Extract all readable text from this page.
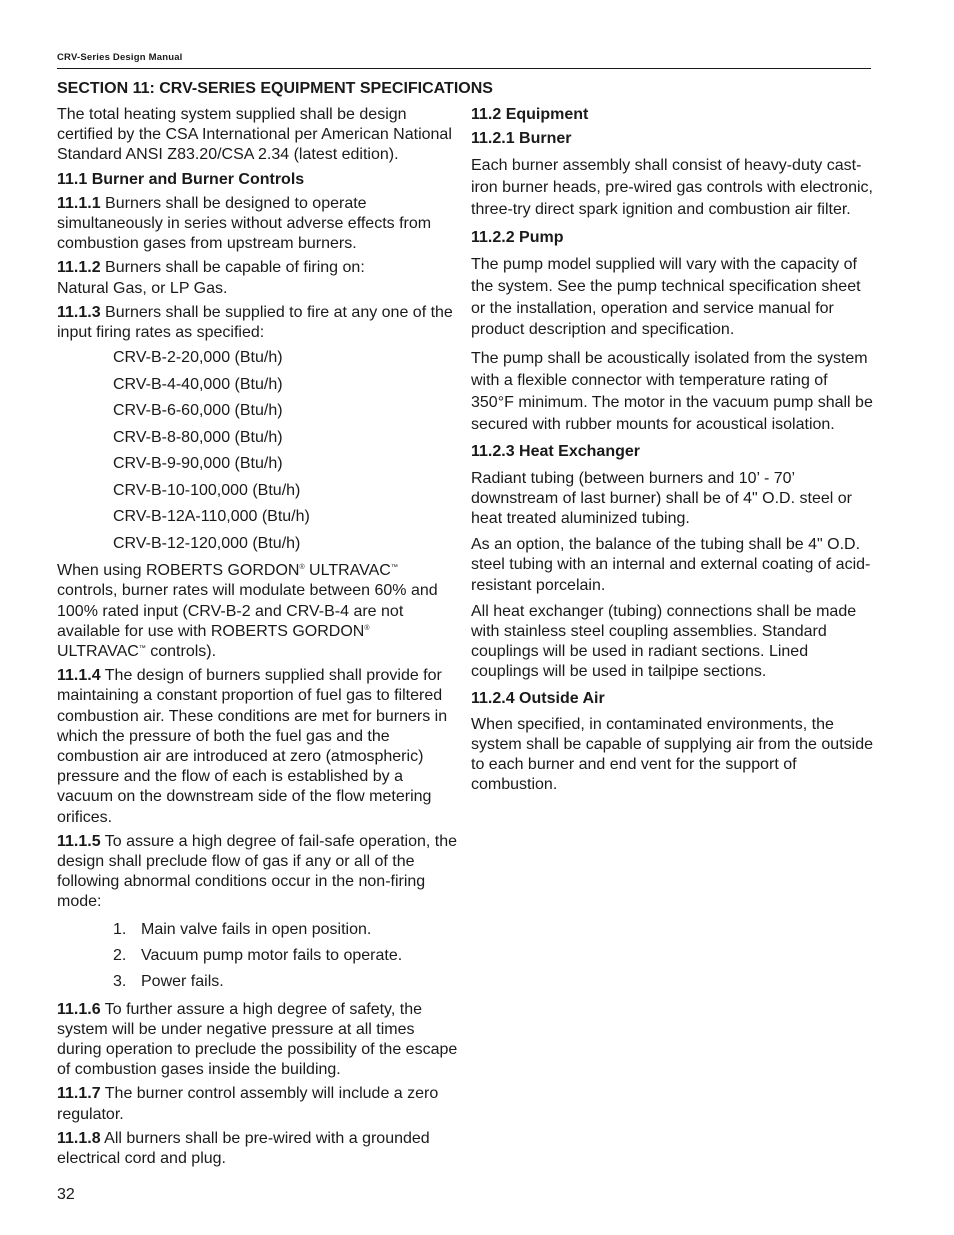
CRV-Series Design Manual
SECTION 11: CRV-SERIES EQUIPMENT SPECIFICATIONS

The total heating system supplied shall be design certified by the CSA International per American National Standard ANSI Z83.20/CSA 2.34 (latest edition).

11.1 Burner and Burner Controls

11.1.1 Burners shall be designed to operate simultaneously in series without adverse effects from combustion gases from upstream burners.

11.1.2 Burners shall be capable of firing on:
Natural Gas, or LP Gas.

11.1.3 Burners shall be supplied to fire at any one of the input firing rates as specified:

CRV-B-2-20,000 (Btu/h)
CRV-B-4-40,000 (Btu/h)
CRV-B-6-60,000 (Btu/h)
CRV-B-8-80,000 (Btu/h)
CRV-B-9-90,000 (Btu/h)
CRV-B-10-100,000 (Btu/h)
CRV-B-12A-110,000 (Btu/h)
CRV-B-12-120,000 (Btu/h)

When using ROBERTS GORDON® ULTRAVAC™ controls, burner rates will modulate between 60% and 100% rated input (CRV-B-2 and CRV-B-4 are not available for use with ROBERTS GORDON® ULTRAVAC™ controls).

11.1.4 The design of burners supplied shall provide for maintaining a constant proportion of fuel gas to filtered combustion air. These conditions are met for burners in which the pressure of both the fuel gas and the combustion air are introduced at zero (atmospheric) pressure and the flow of each is established by a vacuum on the downstream side of the flow metering orifices.

11.1.5 To assure a high degree of fail-safe operation, the design shall preclude flow of gas if any or all of the following abnormal conditions occur in the non-firing mode:

1. Main valve fails in open position.
2. Vacuum pump motor fails to operate.
3. Power fails.

11.1.6 To further assure a high degree of safety, the system will be under negative pressure at all times during operation to preclude the possibility of the escape of combustion gases inside the building.

11.1.7 The burner control assembly will include a zero regulator.

11.1.8 All burners shall be pre-wired with a grounded electrical cord and plug.

11.2 Equipment
11.2.1 Burner

Each burner assembly shall consist of heavy-duty cast-iron burner heads, pre-wired gas controls with electronic, three-try direct spark ignition and combustion air filter.

11.2.2 Pump

The pump model supplied will vary with the capacity of the system. See the pump technical specification sheet or the installation, operation and service manual for product description and specification.

The pump shall be acoustically isolated from the system with a flexible connector with temperature rating of 350°F minimum. The motor in the vacuum pump shall be secured with rubber mounts for acoustical isolation.

11.2.3 Heat Exchanger

Radiant tubing (between burners and 10’ - 70’ downstream of last burner) shall be of 4" O.D. steel or heat treated aluminized tubing.

As an option, the balance of the tubing shall be 4" O.D. steel tubing with an internal and external coating of acid-resistant porcelain.

All heat exchanger (tubing) connections shall be made with stainless steel coupling assemblies. Standard couplings will be used in radiant sections. Lined couplings will be used in tailpipe sections.

11.2.4 Outside Air

When specified, in contaminated environments, the system shall be capable of supplying air from the outside to each burner and end vent for the support of combustion.

32
